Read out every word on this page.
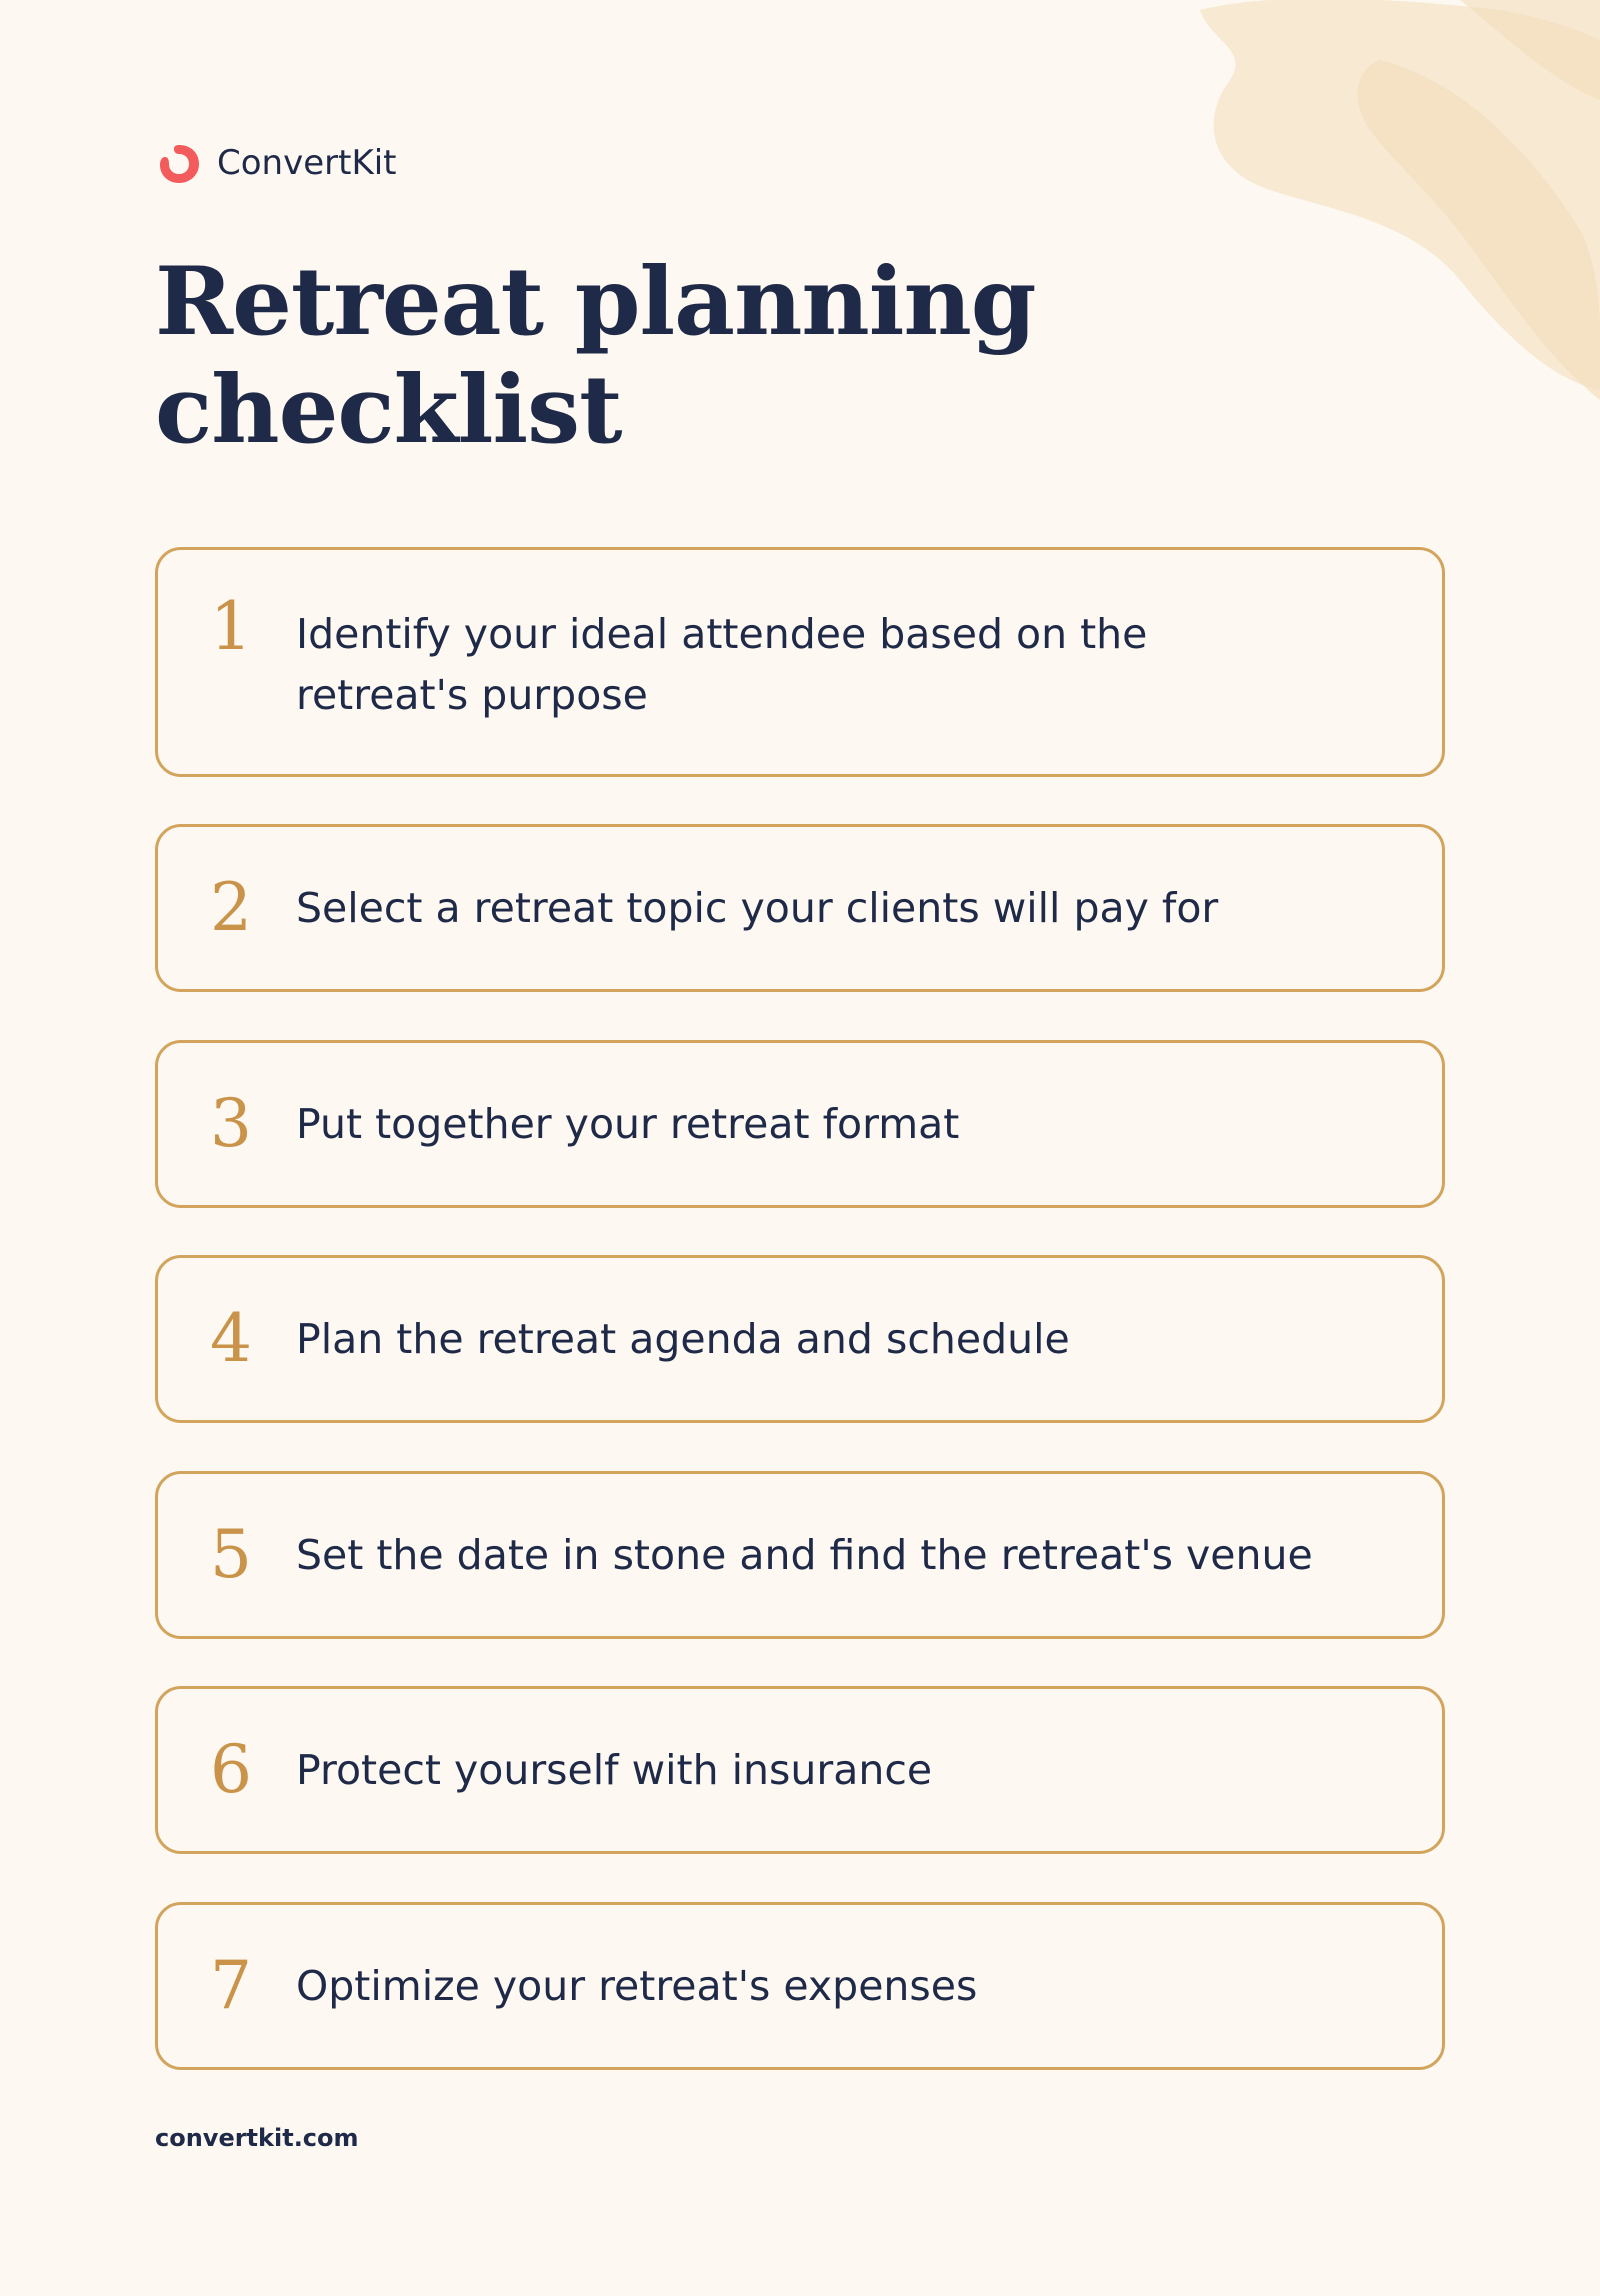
ConvertKit
Retreat planning
checklist
1	Identify your ideal attendee based on the retreat's purpose
2	Select a retreat topic your clients will pay for
3	Put together your retreat format
4	Plan the retreat agenda and schedule
5	Set the date in stone and find the retreat's venue
6	Protect yourself with insurance
7	Optimize your retreat's expenses
convertkit.com
